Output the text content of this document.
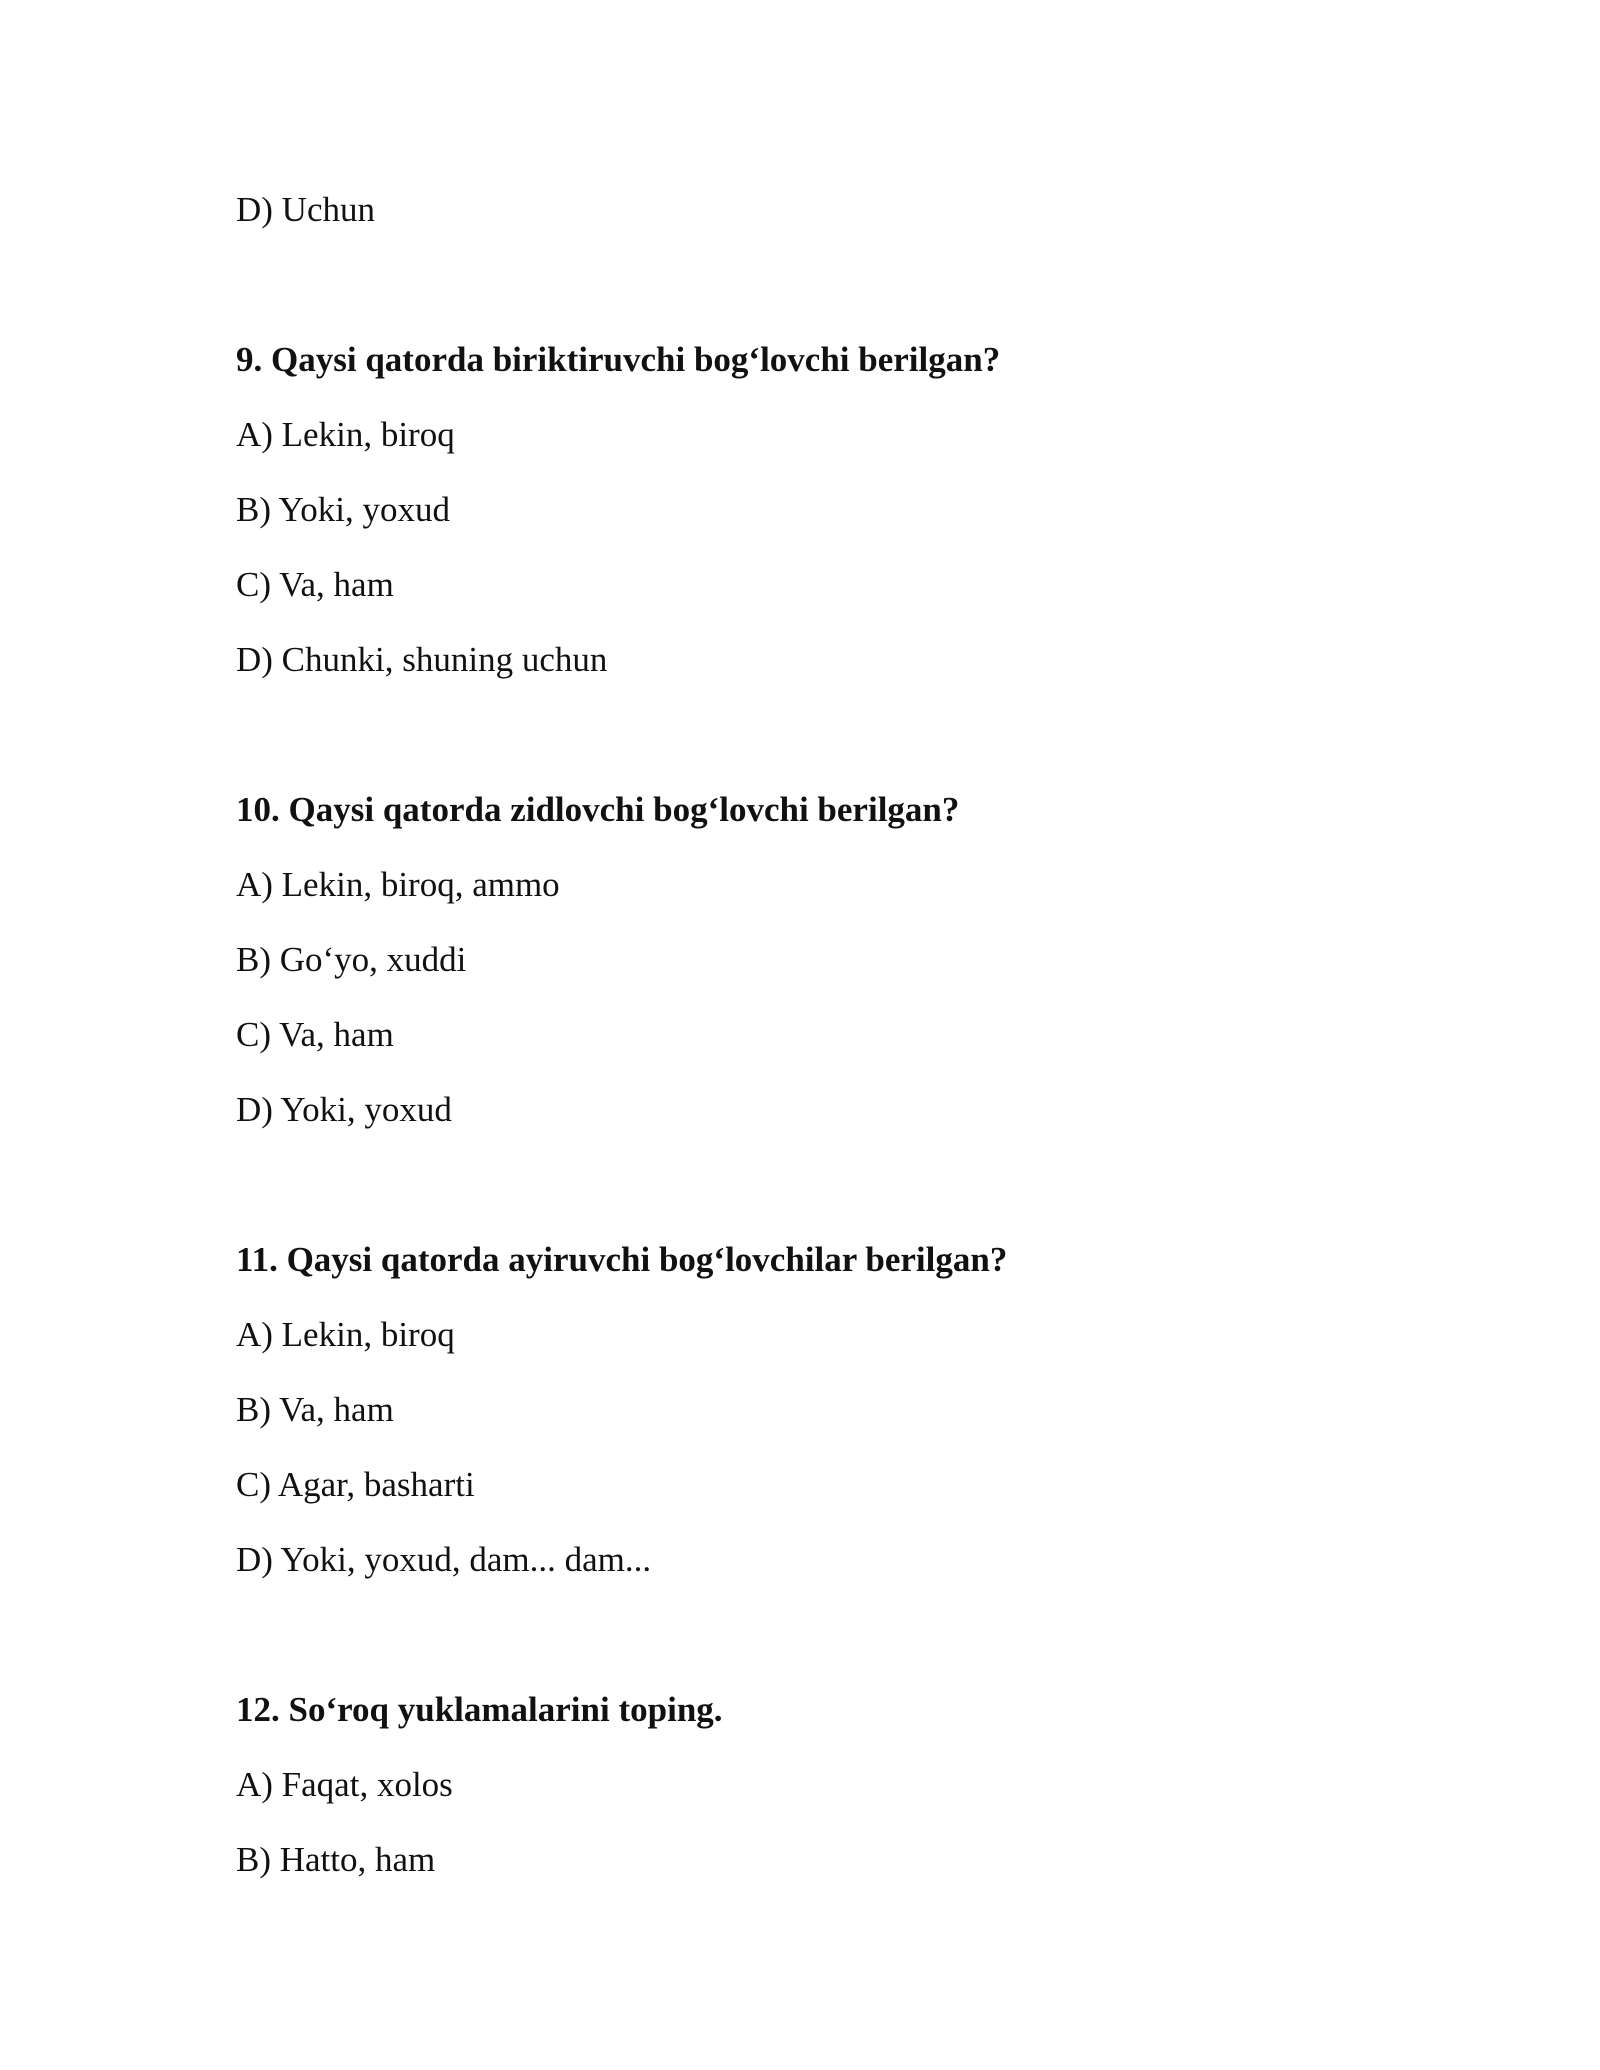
D) Uchun
9. Qaysi qatorda biriktiruvchi bog‘lovchi berilgan?
A) Lekin, biroq
B) Yoki, yoxud
C) Va, ham
D) Chunki, shuning uchun
10. Qaysi qatorda zidlovchi bog‘lovchi berilgan?
A) Lekin, biroq, ammo
B) Go‘yo, xuddi
C) Va, ham
D) Yoki, yoxud
11. Qaysi qatorda ayiruvchi bog‘lovchilar berilgan?
A) Lekin, biroq
B) Va, ham
C) Agar, basharti
D) Yoki, yoxud, dam... dam...
12. So‘roq yuklamalarini toping.
A) Faqat, xolos
B) Hatto, ham
